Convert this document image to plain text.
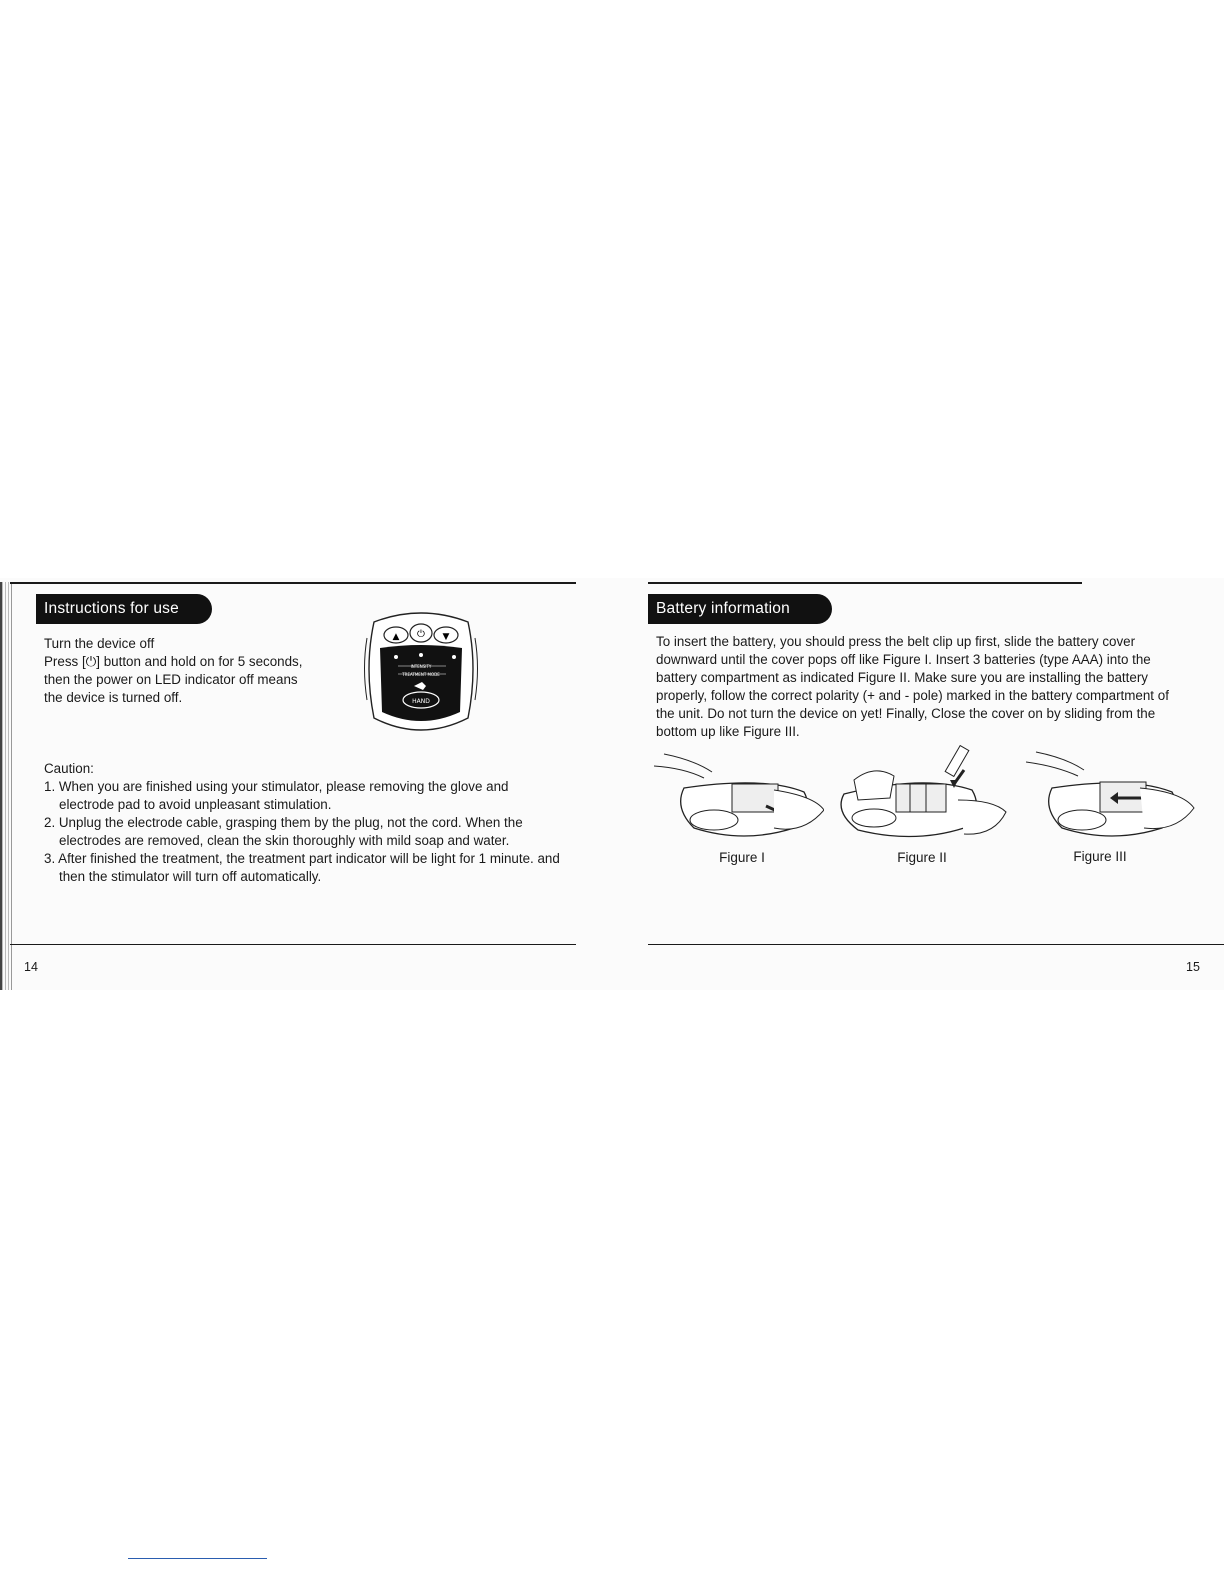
Instructions for use
Turn the device off
Press [⏻] button and hold on for 5 seconds,
then the power on LED indicator off means
the device is turned off.
▲ ⏻ ▼
INTENSITY
TREATMENT MODE
HAND
Caution:
1. When you are finished using your stimulator, please removing the glove and electrode pad to avoid unpleasant stimulation.
2. Unplug the electrode cable, grasping them by the plug, not the cord. When the electrodes are removed, clean the skin thoroughly with mild soap and water.
3. After finished the treatment, the treatment part indicator will be light for 1 minute. and then the stimulator will turn off automatically.
14
Battery information
To insert the battery, you should press the belt clip up first, slide the battery cover
downward until the cover pops off like Figure I. Insert 3 batteries (type AAA) into the
battery compartment as indicated Figure II. Make sure you are installing the battery
properly, follow the correct polarity (+ and - pole) marked in the battery compartment of
the unit. Do not turn the device on yet! Finally, Close the cover on by sliding from the
bottom up like Figure III.
Figure I	Figure II	Figure III
15
